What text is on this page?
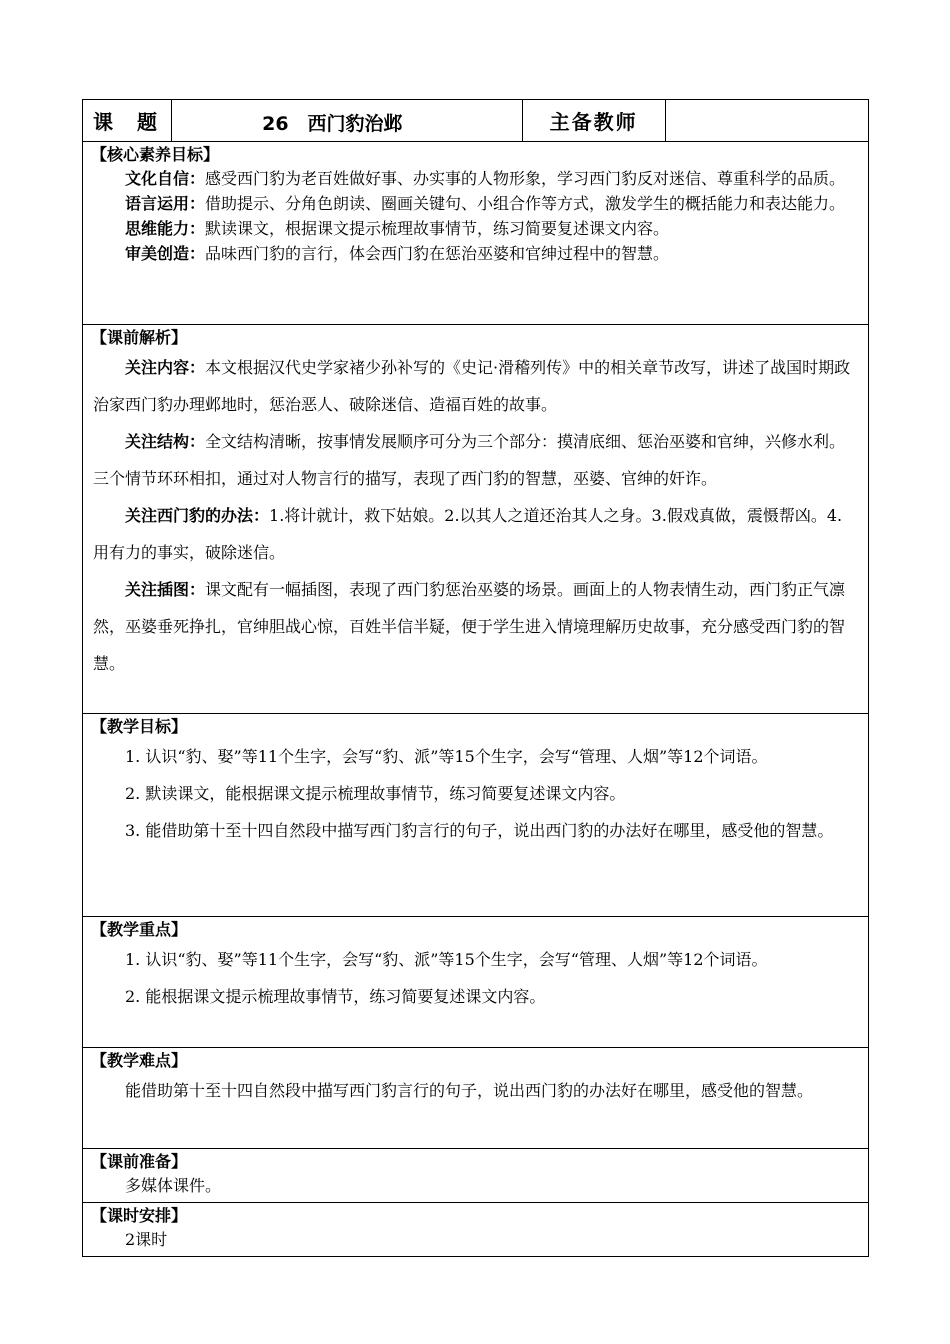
课　题	26　西门豹治邺	主备教师	

【核心素养目标】

文化自信：感受西门豹为老百姓做好事、办实事的人物形象，学习西门豹反对迷信、尊重科学的品质。

语言运用：借助提示、分角色朗读、圈画关键句、小组合作等方式，激发学生的概括能力和表达能力。

思维能力：默读课文，根据课文提示梳理故事情节，练习简要复述课文内容。

审美创造：品味西门豹的言行，体会西门豹在惩治巫婆和官绅过程中的智慧。

【课前解析】

关注内容：本文根据汉代史学家褚少孙补写的《史记·滑稽列传》中的相关章节改写，讲述了战国时期政治家西门豹办理邺地时，惩治恶人、破除迷信、造福百姓的故事。

关注结构：全文结构清晰，按事情发展顺序可分为三个部分：摸清底细、惩治巫婆和官绅，兴修水利。三个情节环环相扣，通过对人物言行的描写，表现了西门豹的智慧，巫婆、官绅的奸诈。

关注西门豹的办法：1.将计就计，救下姑娘。2.以其人之道还治其人之身。3.假戏真做，震慑帮凶。4.用有力的事实，破除迷信。

关注插图：课文配有一幅插图，表现了西门豹惩治巫婆的场景。画面上的人物表情生动，西门豹正气凛然，巫婆垂死挣扎，官绅胆战心惊，百姓半信半疑，便于学生进入情境理解历史故事，充分感受西门豹的智慧。

【教学目标】

1. 认识“豹、娶”等11个生字，会写“豹、派”等15个生字，会写“管理、人烟”等12个词语。

2. 默读课文，能根据课文提示梳理故事情节，练习简要复述课文内容。

3. 能借助第十至十四自然段中描写西门豹言行的句子，说出西门豹的办法好在哪里，感受他的智慧。

【教学重点】

1. 认识“豹、娶”等11个生字，会写“豹、派”等15个生字，会写“管理、人烟”等12个词语。

2. 能根据课文提示梳理故事情节，练习简要复述课文内容。

【教学难点】

能借助第十至十四自然段中描写西门豹言行的句子，说出西门豹的办法好在哪里，感受他的智慧。

【课前准备】

多媒体课件。

【课时安排】

2课时
